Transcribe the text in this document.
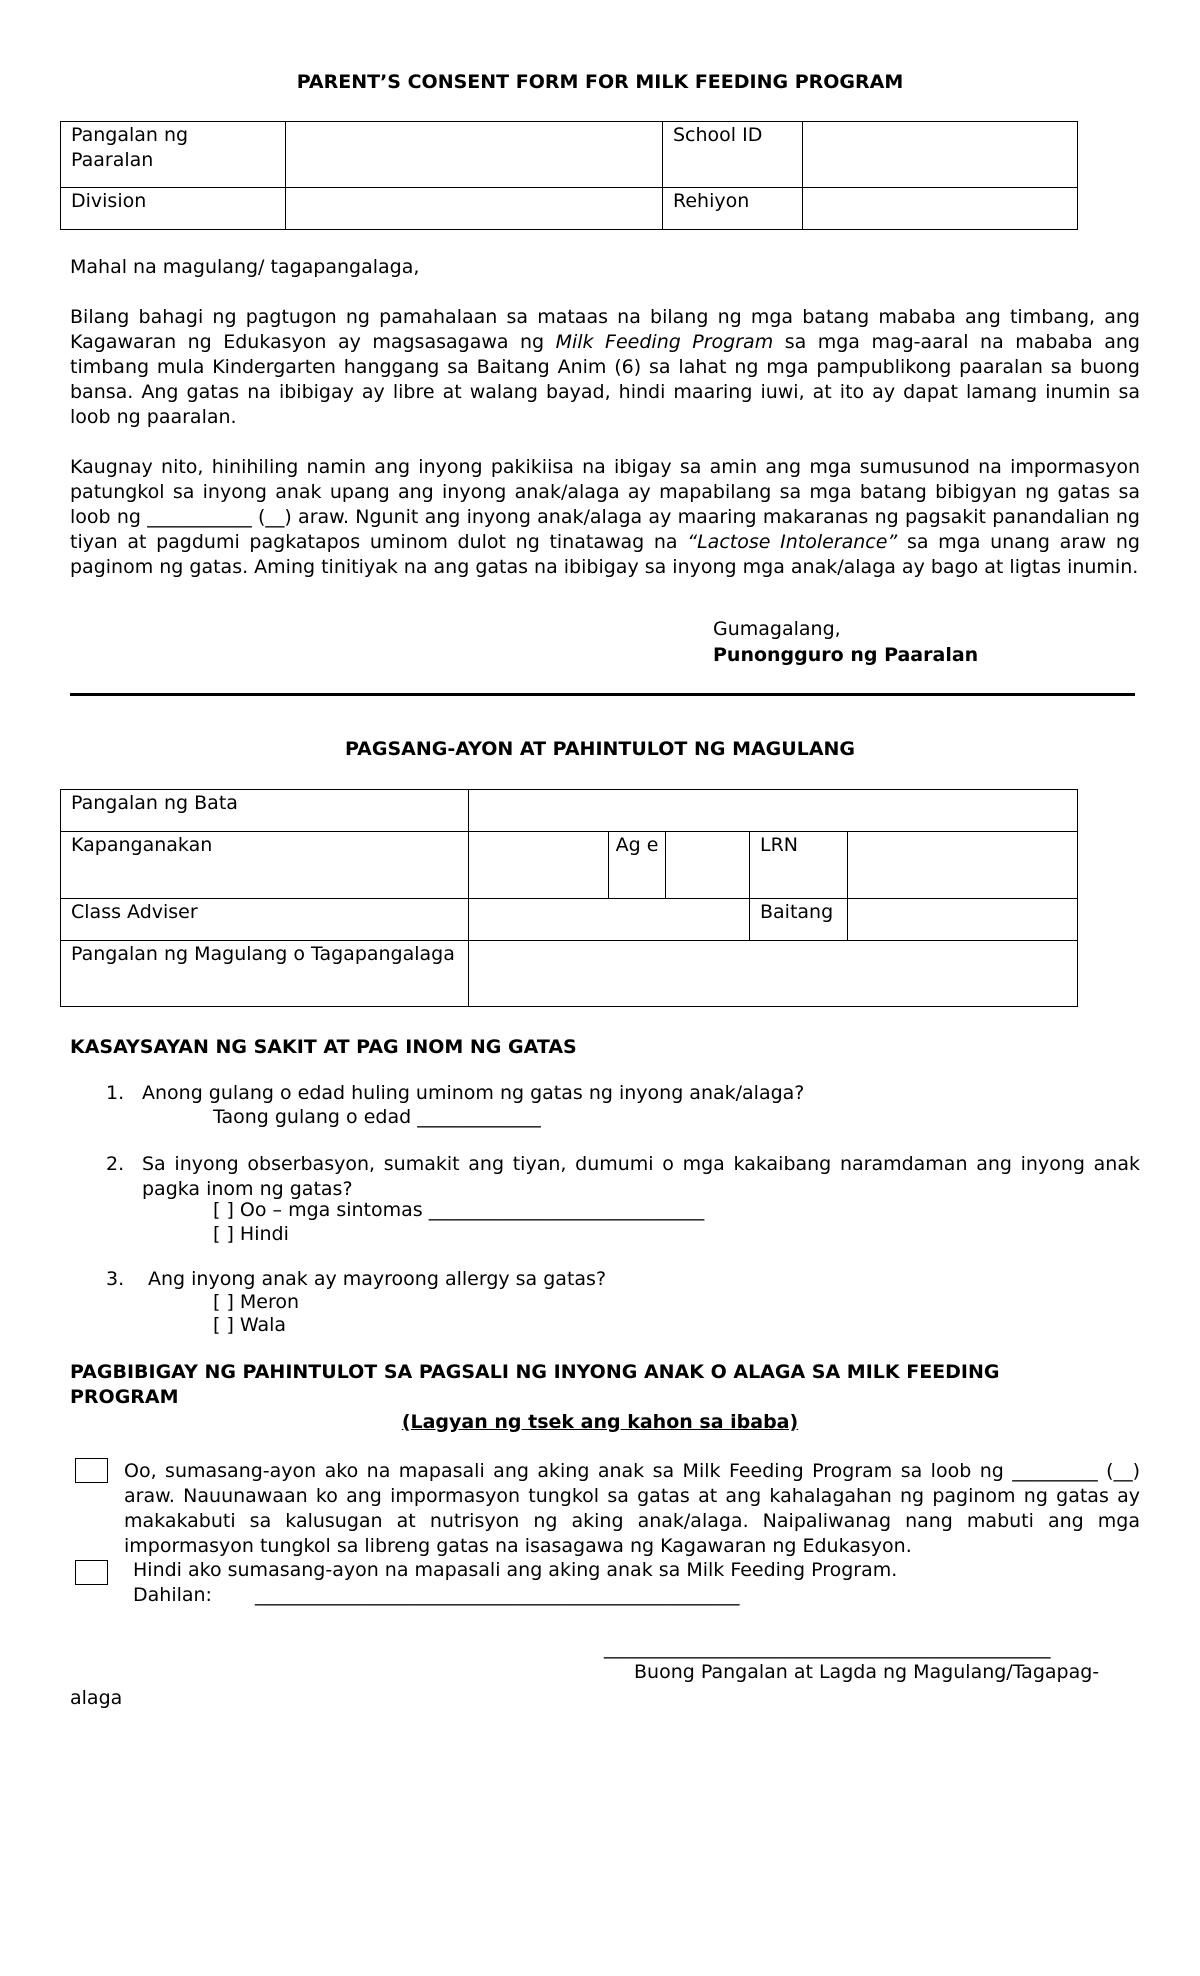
PARENT’S CONSENT FORM FOR MILK FEEDING PROGRAM
Pangalan ng Paaralan		School ID	
Division		Rehiyon	

Mahal na magulang/ tagapangalaga,

Bilang bahagi ng pagtugon ng pamahalaan sa mataas na bilang ng mga batang mababa ang timbang, ang Kagawaran ng Edukasyon ay magsasagawa ng Milk Feeding Program sa mga mag-aaral na mababa ang timbang mula Kindergarten hanggang sa Baitang Anim (6) sa lahat ng mga pampublikong paaralan sa buong bansa. Ang gatas na ibibigay ay libre at walang bayad, hindi maaring iuwi, at ito ay dapat lamang inumin sa loob ng paaralan.

Kaugnay nito, hinihiling namin ang inyong pakikiisa na ibigay sa amin ang mga sumusunod na impormasyon patungkol sa inyong anak upang ang inyong anak/alaga ay mapabilang sa mga batang bibigyan ng gatas sa loob ng ___________ (__) araw. Ngunit ang inyong anak/alaga ay maaring makaranas ng pagsakit panandalian ng tiyan at pagdumi pagkatapos uminom dulot ng tinatawag na “Lactose Intolerance” sa mga unang araw ng paginom ng gatas. Aming tinitiyak na ang gatas na ibibigay sa inyong mga anak/alaga ay bago at ligtas inumin.

Gumagalang,

Punongguro ng Paaralan

PAGSANG-AYON AT PAHINTULOT NG MAGULANG
Pangalan ng Bata					
Kapanganakan		Ag e		LRN	
Class Adviser				Baitang	
Pangalan ng Magulang o Tagapangalaga					

KASAYSAYAN NG SAKIT AT PAG INOM NG GATAS

1. Anong gulang o edad huling uminom ng gatas ng inyong anak/alaga?

Taong gulang o edad _____________

2. Sa inyong obserbasyon, sumakit ang tiyan, dumumi o mga kakaibang naramdaman ang inyong anak pagka inom ng gatas?

[ ] Oo – mga sintomas _____________________________

[ ] Hindi

3. Ang inyong anak ay mayroong allergy sa gatas?

[ ] Meron

[ ] Wala

PAGBIBIGAY NG PAHINTULOT SA PAGSALI NG INYONG ANAK O ALAGA SA MILK FEEDING PROGRAM

(Lagyan ng tsek ang kahon sa ibaba)

Oo, sumasang-ayon ako na mapasali ang aking anak sa Milk Feeding Program sa loob ng _________ (__) araw. Nauunawaan ko ang impormasyon tungkol sa gatas at ang kahalagahan ng paginom ng gatas ay makakabuti sa kalusugan at nutrisyon ng aking anak/alaga. Naipaliwanag nang mabuti ang mga impormasyon tungkol sa libreng gatas na isasagawa ng Kagawaran ng Edukasyon.

Hindi ako sumasang-ayon na mapasali ang aking anak sa Milk Feeding Program.

Dahilan: ___________________________________________________

_______________________________________________

Buong Pangalan at Lagda ng Magulang/Tagapag-

alaga
